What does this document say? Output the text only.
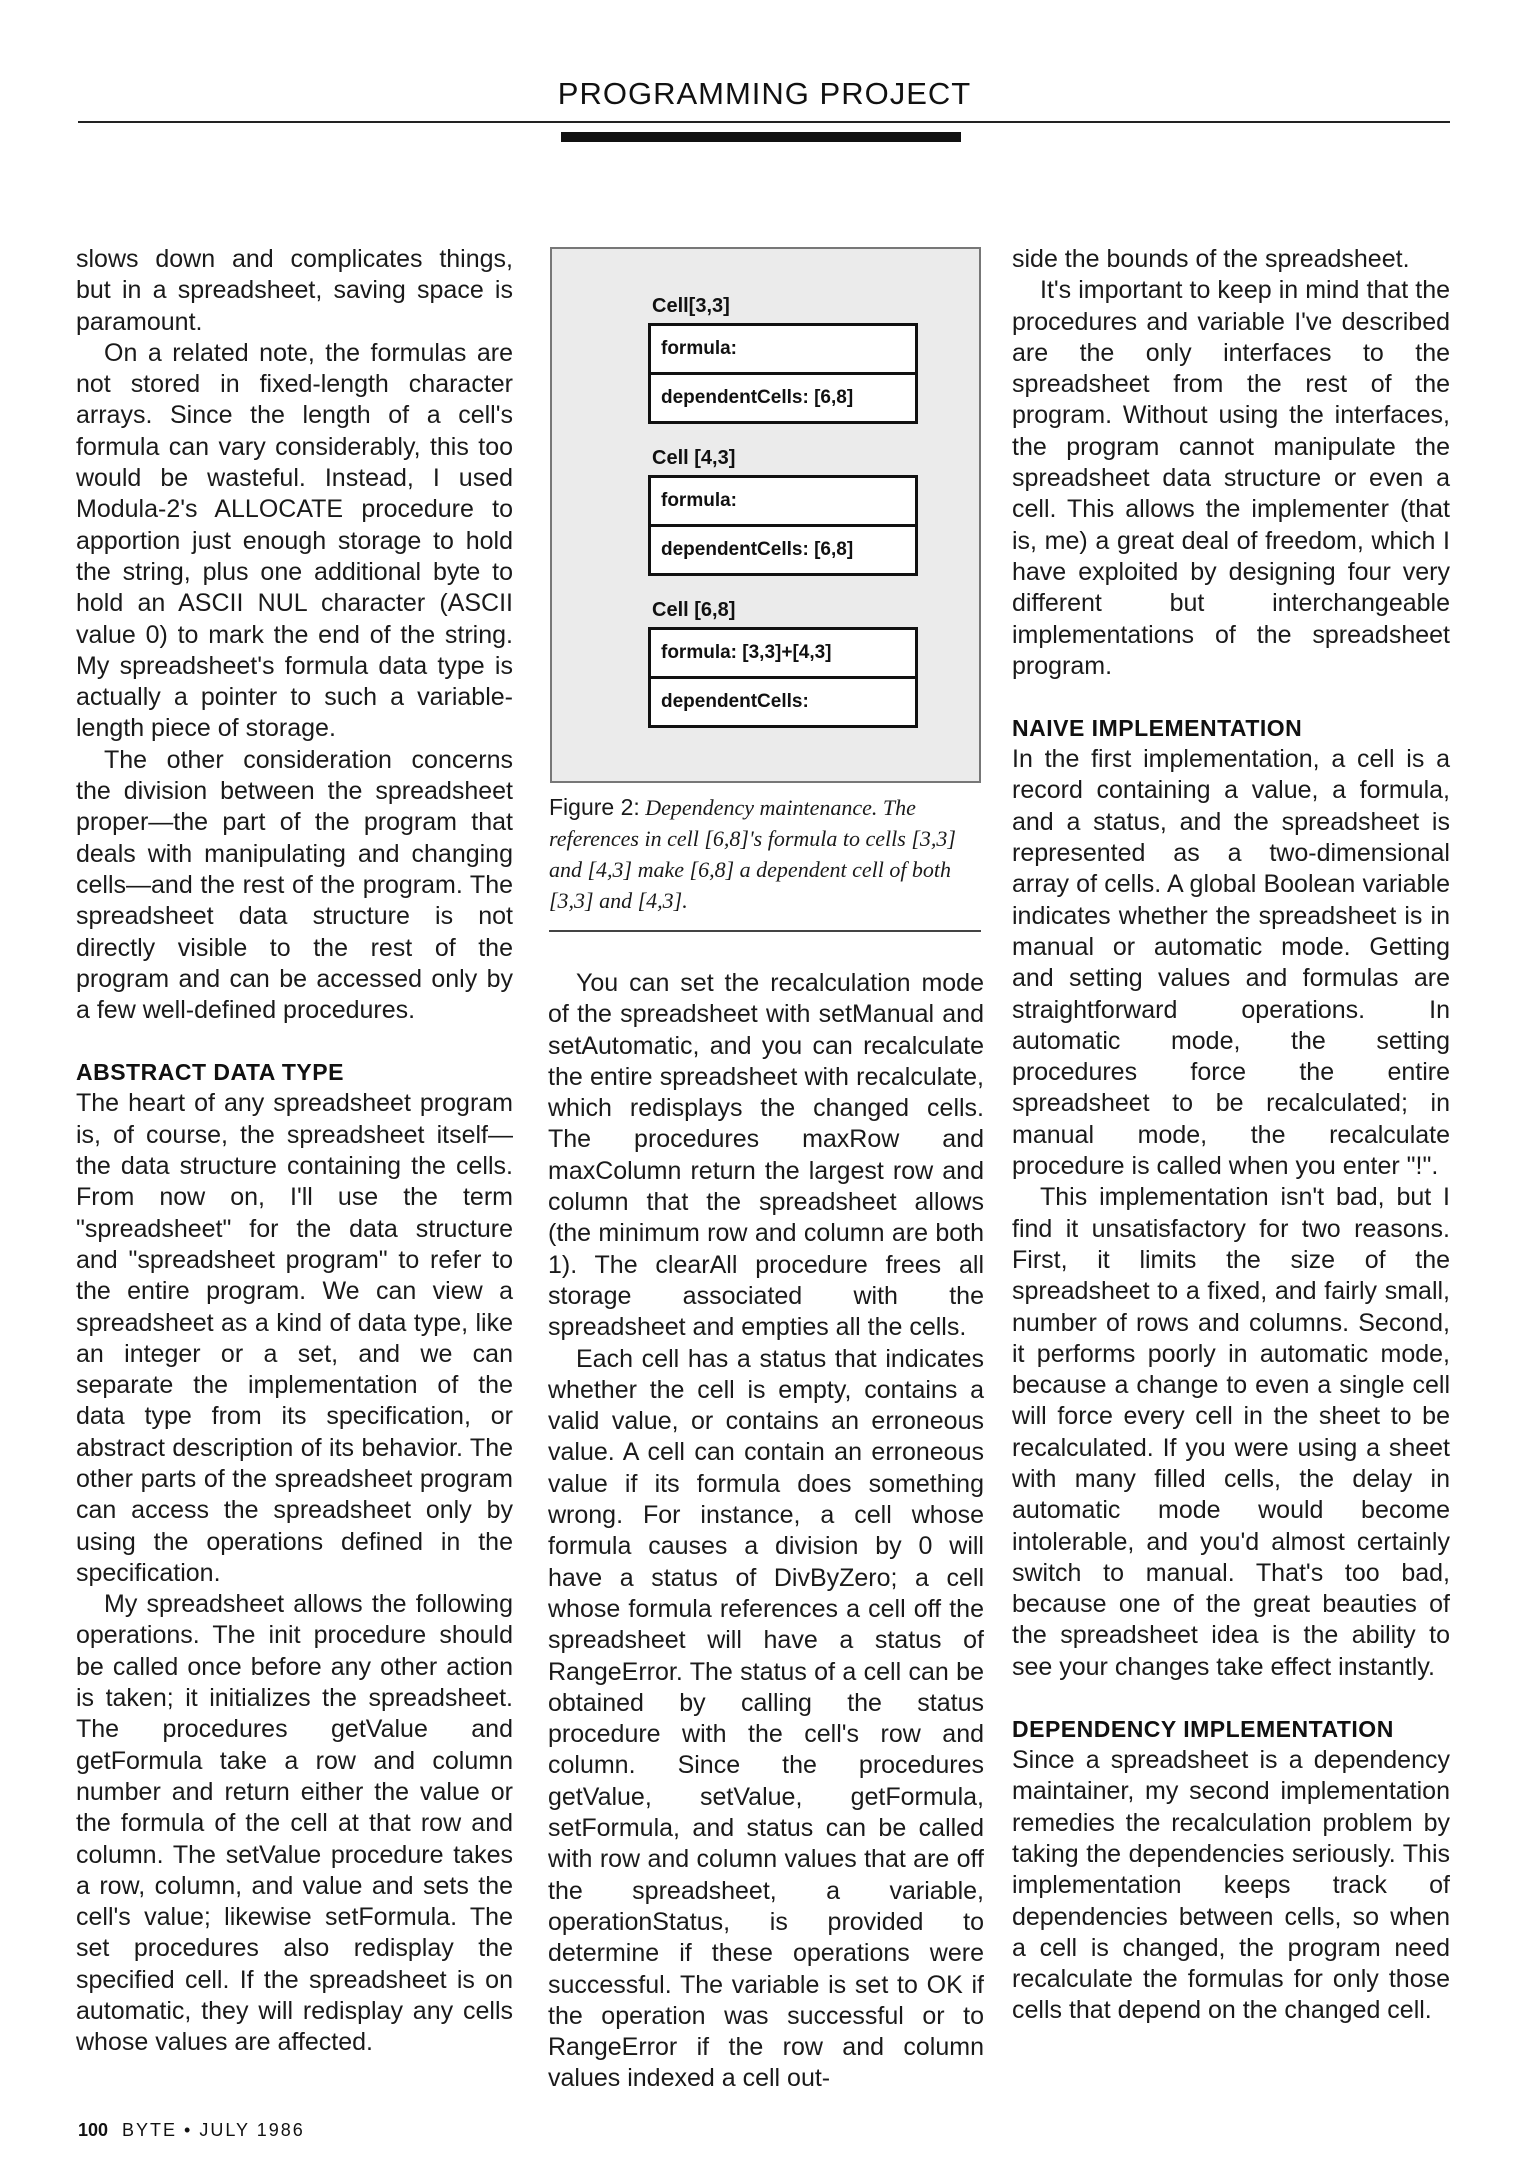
PROGRAMMING PROJECT

slows down and complicates things, but in a spreadsheet, saving space is paramount.

On a related note, the formulas are not stored in fixed-length character arrays. Since the length of a cell's formula can vary considerably, this too would be wasteful. Instead, I used Modula-2's ALLOCATE procedure to apportion just enough storage to hold the string, plus one additional byte to hold an ASCII NUL character (ASCII value 0) to mark the end of the string. My spreadsheet's formula data type is actually a pointer to such a variable-length piece of storage.

The other consideration concerns the division between the spreadsheet proper—the part of the program that deals with manipulating and changing cells—and the rest of the program. The spreadsheet data structure is not directly visible to the rest of the program and can be accessed only by a few well-defined procedures.

ABSTRACT DATA TYPE

The heart of any spreadsheet program is, of course, the spreadsheet itself—the data structure containing the cells. From now on, I'll use the term "spreadsheet" for the data structure and "spreadsheet program" to refer to the entire program. We can view a spreadsheet as a kind of data type, like an integer or a set, and we can separate the implementation of the data type from its specification, or abstract description of its behavior. The other parts of the spreadsheet program can access the spreadsheet only by using the operations defined in the specification.

My spreadsheet allows the following operations. The init procedure should be called once before any other action is taken; it initializes the spreadsheet. The procedures getValue and getFormula take a row and column number and return either the value or the formula of the cell at that row and column. The setValue procedure takes a row, column, and value and sets the cell's value; likewise setFormula. The set procedures also redisplay the specified cell. If the spreadsheet is on automatic, they will redisplay any cells whose values are affected.

Cell[3,3]
formula:
dependentCells: [6,8]
Cell [4,3]
formula:
dependentCells: [6,8]
Cell [6,8]
formula: [3,3]+[4,3]
dependentCells:
Figure 2: Dependency maintenance. The references in cell [6,8]'s formula to cells [3,3] and [4,3] make [6,8] a dependent cell of both [3,3] and [4,3].

You can set the recalculation mode of the spreadsheet with setManual and setAutomatic, and you can recalculate the entire spreadsheet with recalculate, which redisplays the changed cells. The procedures maxRow and maxColumn return the largest row and column that the spreadsheet allows (the minimum row and column are both 1). The clearAll procedure frees all storage associated with the spreadsheet and empties all the cells.

Each cell has a status that indicates whether the cell is empty, contains a valid value, or contains an erroneous value. A cell can contain an erroneous value if its formula does something wrong. For instance, a cell whose formula causes a division by 0 will have a status of DivByZero; a cell whose formula references a cell off the spreadsheet will have a status of RangeError. The status of a cell can be obtained by calling the status procedure with the cell's row and column. Since the procedures getValue, setValue, getFormula, setFormula, and status can be called with row and column values that are off the spreadsheet, a variable, operationStatus, is provided to determine if these operations were successful. The variable is set to OK if the operation was successful or to RangeError if the row and column values indexed a cell out-

side the bounds of the spreadsheet.

It's important to keep in mind that the procedures and variable I've described are the only interfaces to the spreadsheet from the rest of the program. Without using the interfaces, the program cannot manipulate the spreadsheet data structure or even a cell. This allows the implementer (that is, me) a great deal of freedom, which I have exploited by designing four very different but interchangeable implementations of the spreadsheet program.

NAIVE IMPLEMENTATION

In the first implementation, a cell is a record containing a value, a formula, and a status, and the spreadsheet is represented as a two-dimensional array of cells. A global Boolean variable indicates whether the spreadsheet is in manual or automatic mode. Getting and setting values and formulas are straightforward operations. In automatic mode, the setting procedures force the entire spreadsheet to be recalculated; in manual mode, the recalculate procedure is called when you enter "!".

This implementation isn't bad, but I find it unsatisfactory for two reasons. First, it limits the size of the spreadsheet to a fixed, and fairly small, number of rows and columns. Second, it performs poorly in automatic mode, because a change to even a single cell will force every cell in the sheet to be recalculated. If you were using a sheet with many filled cells, the delay in automatic mode would become intolerable, and you'd almost certainly switch to manual. That's too bad, because one of the great beauties of the spreadsheet idea is the ability to see your changes take effect instantly.

DEPENDENCY IMPLEMENTATION

Since a spreadsheet is a dependency maintainer, my second implementation remedies the recalculation problem by taking the dependencies seriously. This implementation keeps track of dependencies between cells, so when a cell is changed, the program need recalculate the formulas for only those cells that depend on the changed cell.

100 BYTE • JULY 1986
